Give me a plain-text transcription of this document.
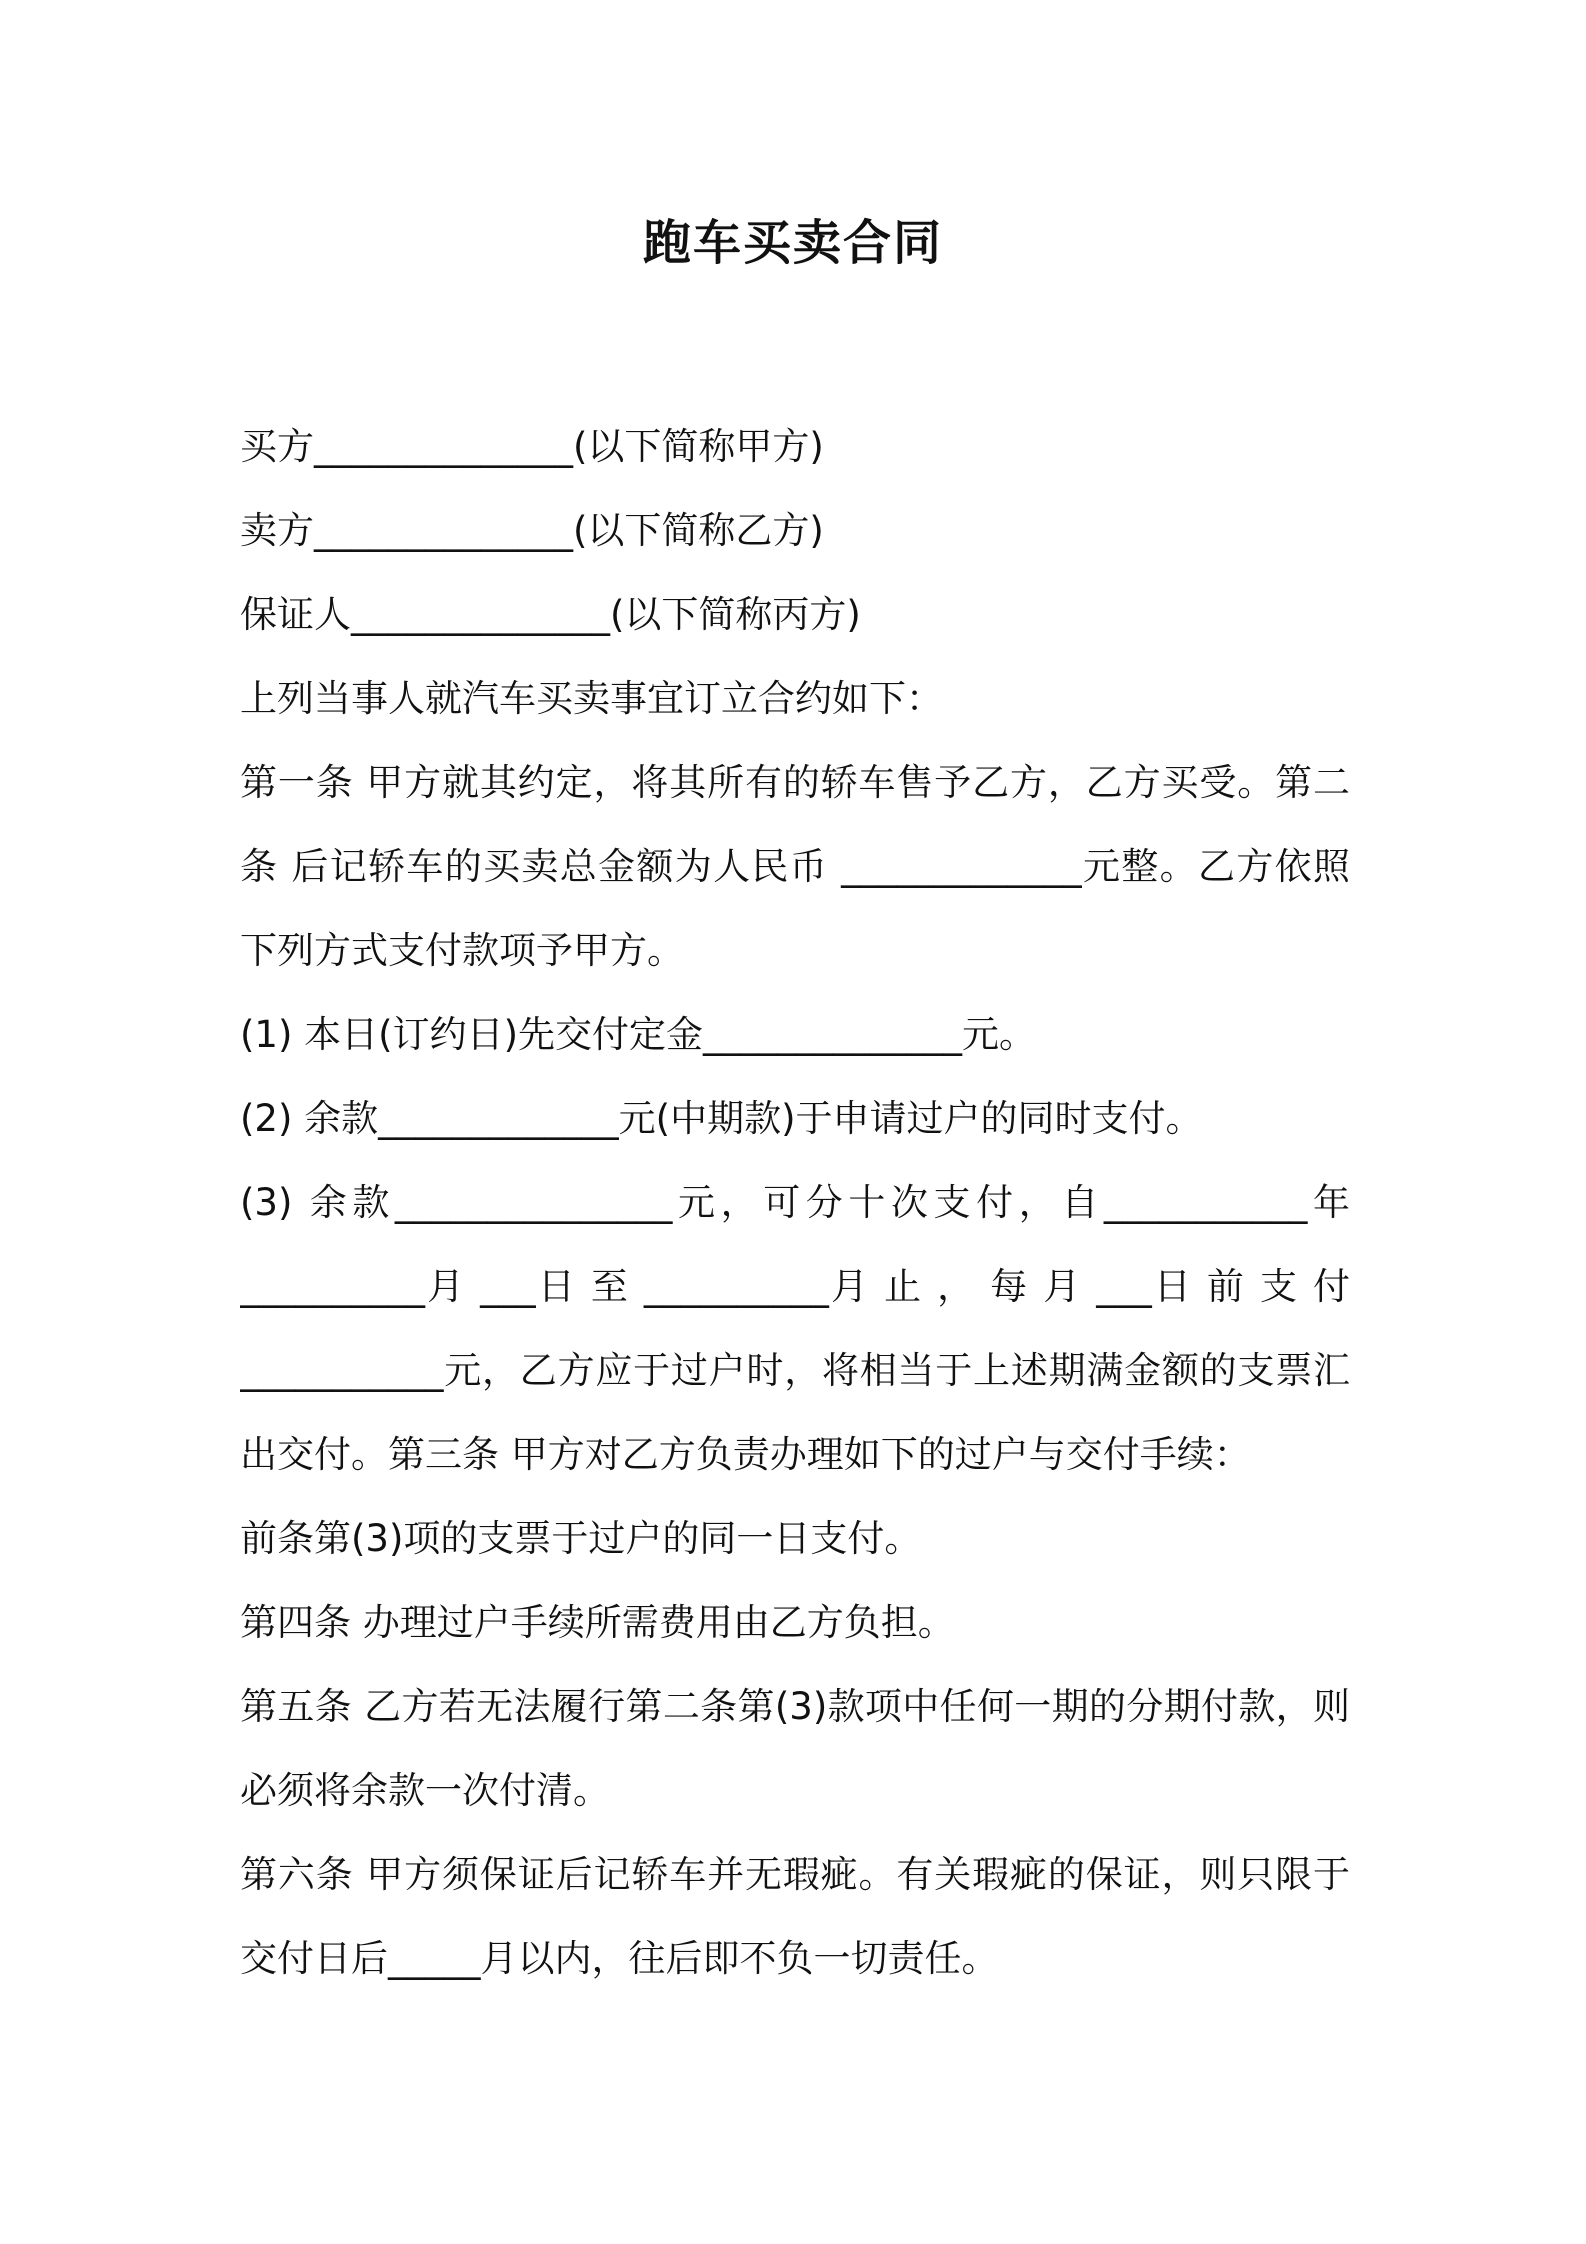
跑车买卖合同
买方______________(以下简称甲方)
卖方______________(以下简称乙方)
保证人______________(以下简称丙方)
上列当事人就汽车买卖事宜订立合约如下：
第一条 甲方就其约定，将其所有的轿车售予乙方，乙方买受。第二
条 后记轿车的买卖总金额为人民币 _____________元整。乙方依照
下列方式支付款项予甲方。
(1) 本日(订约日)先交付定金______________元。
(2) 余款_____________元(中期款)于申请过户的同时支付。
(3) 余款_______________元，可分十次支付，自___________年
__________月 ___日 至 __________月 止 ， 每 月 ___日 前 支 付
___________元，乙方应于过户时，将相当于上述期满金额的支票汇
出交付。第三条 甲方对乙方负责办理如下的过户与交付手续：
前条第(3)项的支票于过户的同一日支付。
第四条 办理过户手续所需费用由乙方负担。
第五条 乙方若无法履行第二条第(3)款项中任何一期的分期付款，则
必须将余款一次付清。
第六条 甲方须保证后记轿车并无瑕疵。有关瑕疵的保证，则只限于
交付日后_____月以内，往后即不负一切责任。
